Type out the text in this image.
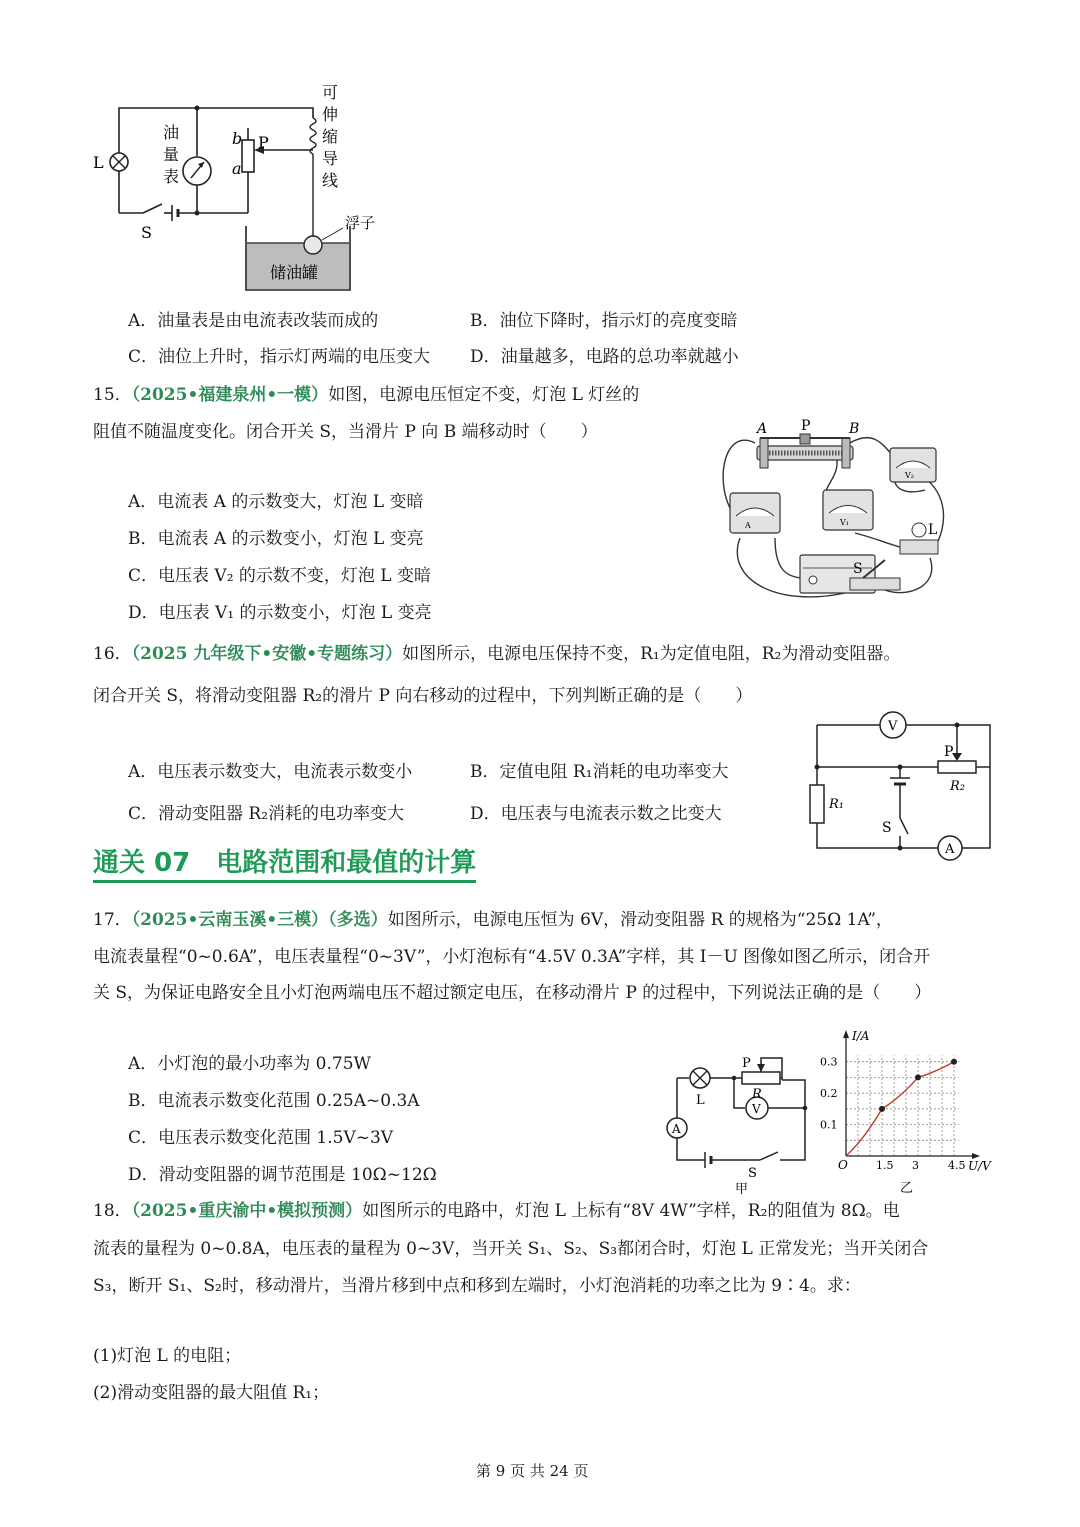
L
S
P
b
a
油
量
表
可
伸
缩
导
线
浮子
储油罐
A．油量表是由电流表改装而成的	B．油位下降时，指示灯的亮度变暗
C．油位上升时，指示灯两端的电压变大 D．油量越多，电路的总功率就越小
15．（2025•福建泉州•一模）如图，电源电压恒定不变，灯泡 L 灯丝的
阻值不随温度变化。闭合开关 S，当滑片 P 向 B 端移动时（　　）
A．电流表 A 的示数变大，灯泡 L 变暗
B．电流表 A 的示数变小，灯泡 L 变亮
C．电压表 V₂ 的示数不变，灯泡 L 变暗
D．电压表 V₁ 的示数变小，灯泡 L 变亮
A P	B
V₂
A	V₁	L
S
16．（2025 九年级下•安徽•专题练习）如图所示，电源电压保持不变，R₁为定值电阻，R₂为滑动变阻器。
闭合开关 S，将滑动变阻器 R₂的滑片 P 向右移动的过程中，下列判断正确的是（　　）
A．电压表示数变大，电流表示数变小	B．定值电阻 R₁消耗的电功率变大
C．滑动变阻器 R₂消耗的电功率变大	D．电压表与电流表示数之比变大
V
P
R₂
R₁
S
A
通关 07　电路范围和最值的计算
17．（2025•云南玉溪•三模）（多选）如图所示，电源电压恒为 6V，滑动变阻器 R 的规格为“25Ω 1A”，
电流表量程“0~0.6A”，电压表量程“0~3V”，小灯泡标有“4.5V 0.3A”字样，其 I－U 图像如图乙所示，闭合开
关 S，为保证电路安全且小灯泡两端电压不超过额定电压，在移动滑片 P 的过程中，下列说法正确的是（　　）
A．小灯泡的最小功率为 0.75W
B．电流表示数变化范围 0.25A~0.3A
C．电压表示数变化范围 1.5V~3V
D．滑动变阻器的调节范围是 10Ω~12Ω
P
L	R
V
A
S
甲
1.5 3	4.5
0.1
0.2
0.3
I/A
U/V
O
乙
18．（2025•重庆渝中•模拟预测）如图所示的电路中，灯泡 L 上标有“8V 4W”字样，R₂的阻值为 8Ω。电
流表的量程为 0~0.8A，电压表的量程为 0~3V，当开关 S₁、S₂、S₃都闭合时，灯泡 L 正常发光；当开关闭合
S₃，断开 S₁、S₂时，移动滑片，当滑片移到中点和移到左端时，小灯泡消耗的功率之比为 9∶4。求：
(1)灯泡 L 的电阻；
(2)滑动变阻器的最大阻值 R₁；
第 9 页 共 24 页
